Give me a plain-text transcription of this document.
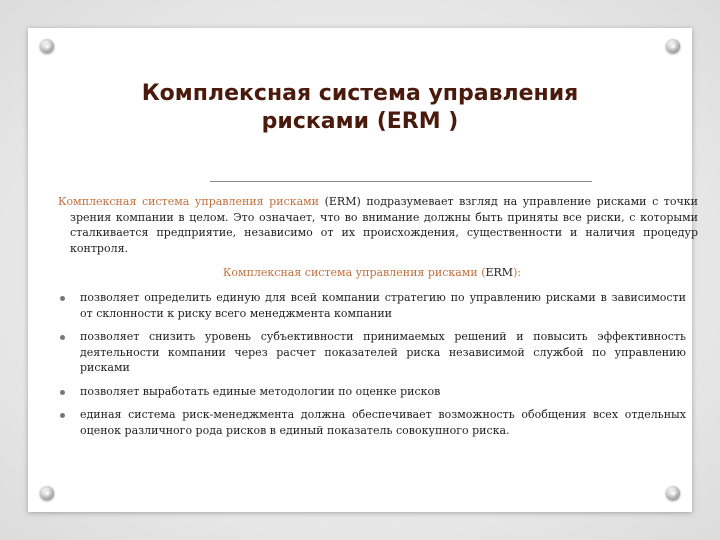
Комплексная система управления
рисками (ERM )

Комплексная система управления рисками (ERM) подразумевает взгляд на управление рисками с точки зрения компании в целом. Это означает, что во внимание должны быть приняты все риски, с которыми сталкивается предприятие, независимо от их происхождения, существенности и наличия процедур контроля.

Комплексная система управления рисками (ERM):
позволяет определить единую для всей компании стратегию по управлению рисками в зависимости от склонности к риску всего менеджмента компании
позволяет снизить уровень субъективности принимаемых решений и повысить эффективность деятельности компании через расчет показателей риска независимой службой по управлению рисками
позволяет выработать единые методологии по оценке рисков
единая система риск-менеджмента должна обеспечивает возможность обобщения всех отдельных оценок различного рода рисков в единый показатель совокупного риска.
